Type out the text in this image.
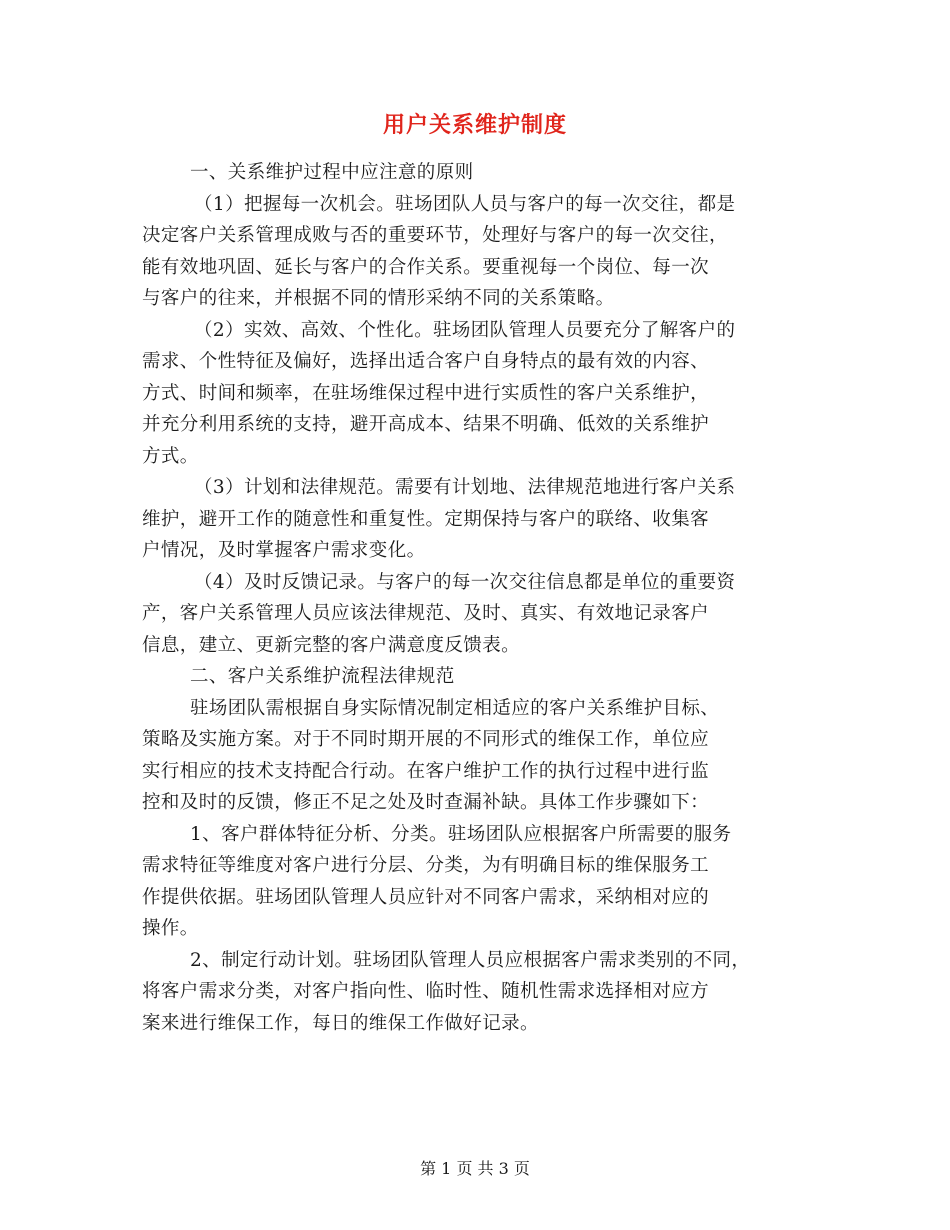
用户关系维护制度
一、关系维护过程中应注意的原则
（1）把握每一次机会。驻场团队人员与客户的每一次交往，都是
决定客户关系管理成败与否的重要环节，处理好与客户的每一次交往，
能有效地巩固、延长与客户的合作关系。要重视每一个岗位、每一次
与客户的往来，并根据不同的情形采纳不同的关系策略。
（2）实效、高效、个性化。驻场团队管理人员要充分了解客户的
需求、个性特征及偏好，选择出适合客户自身特点的最有效的内容、
方式、时间和频率，在驻场维保过程中进行实质性的客户关系维护，
并充分利用系统的支持，避开高成本、结果不明确、低效的关系维护
方式。
（3）计划和法律规范。需要有计划地、法律规范地进行客户关系
维护，避开工作的随意性和重复性。定期保持与客户的联络、收集客
户情况，及时掌握客户需求变化。
（4）及时反馈记录。与客户的每一次交往信息都是单位的重要资
产，客户关系管理人员应该法律规范、及时、真实、有效地记录客户
信息，建立、更新完整的客户满意度反馈表。
二、客户关系维护流程法律规范
驻场团队需根据自身实际情况制定相适应的客户关系维护目标、
策略及实施方案。对于不同时期开展的不同形式的维保工作，单位应
实行相应的技术支持配合行动。在客户维护工作的执行过程中进行监
控和及时的反馈，修正不足之处及时查漏补缺。具体工作步骤如下：
1、客户群体特征分析、分类。驻场团队应根据客户所需要的服务
需求特征等维度对客户进行分层、分类，为有明确目标的维保服务工
作提供依据。驻场团队管理人员应针对不同客户需求，采纳相对应的
操作。
2、制定行动计划。驻场团队管理人员应根据客户需求类别的不同，
将客户需求分类，对客户指向性、临时性、随机性需求选择相对应方
案来进行维保工作，每日的维保工作做好记录。
第 1 页 共 3 页
